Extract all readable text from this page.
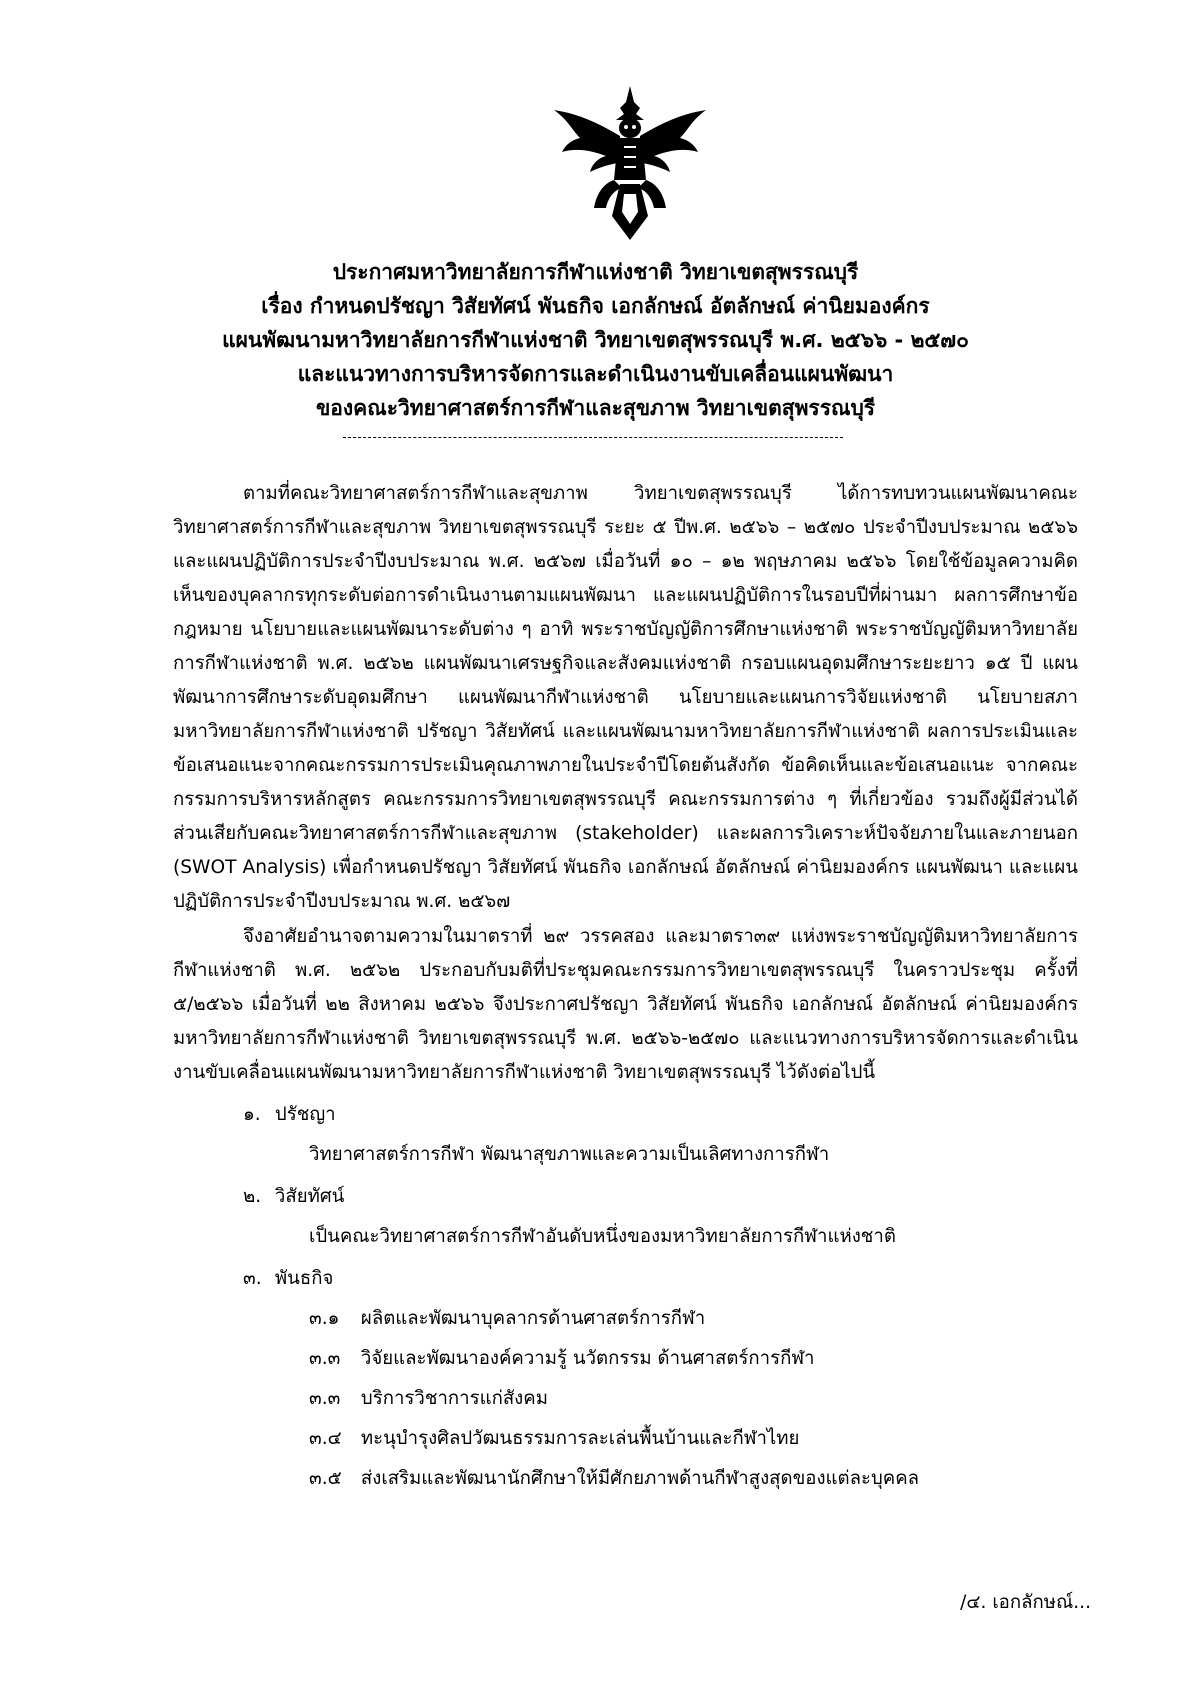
ประกาศมหาวิทยาลัยการกีฬาแห่งชาติ วิทยาเขตสุพรรณบุรี
เรื่อง กำหนดปรัชญา วิสัยทัศน์ พันธกิจ เอกลักษณ์ อัตลักษณ์ ค่านิยมองค์กร
แผนพัฒนามหาวิทยาลัยการกีฬาแห่งชาติ วิทยาเขตสุพรรณบุรี พ.ศ. ๒๕๖๖ - ๒๕๗๐
และแนวทางการบริหารจัดการและดำเนินงานขับเคลื่อนแผนพัฒนา
ของคณะวิทยาศาสตร์การกีฬาและสุขภาพ วิทยาเขตสุพรรณบุรี

ตามที่คณะวิทยาศาสตร์การกีฬาและสุขภาพ วิทยาเขตสุพรรณบุรี ได้การทบทวนแผนพัฒนาคณะวิทยาศาสตร์การกีฬาและสุขภาพ วิทยาเขตสุพรรณบุรี ระยะ ๕ ปีพ.ศ. ๒๕๖๖ – ๒๕๗๐ ประจำปีงบประมาณ ๒๕๖๖ และแผนปฏิบัติการประจำปีงบประมาณ พ.ศ. ๒๕๖๗ เมื่อวันที่ ๑๐ – ๑๒ พฤษภาคม ๒๕๖๖ โดยใช้ข้อมูลความคิดเห็นของบุคลากรทุกระดับต่อการดำเนินงานตามแผนพัฒนา และแผนปฏิบัติการในรอบปีที่ผ่านมา ผลการศึกษาข้อกฎหมาย นโยบายและแผนพัฒนาระดับต่าง ๆ อาทิ พระราชบัญญัติการศึกษาแห่งชาติ พระราชบัญญัติมหาวิทยาลัยการกีฬาแห่งชาติ พ.ศ. ๒๕๖๒ แผนพัฒนาเศรษฐกิจและสังคมแห่งชาติ กรอบแผนอุดมศึกษาระยะยาว ๑๕ ปี แผนพัฒนาการศึกษาระดับอุดมศึกษา แผนพัฒนากีฬาแห่งชาติ นโยบายและแผนการวิจัยแห่งชาติ นโยบายสภามหาวิทยาลัยการกีฬาแห่งชาติ ปรัชญา วิสัยทัศน์ และแผนพัฒนามหาวิทยาลัยการกีฬาแห่งชาติ ผลการประเมินและข้อเสนอแนะจากคณะกรรมการประเมินคุณภาพภายในประจำปีโดยต้นสังกัด ข้อคิดเห็นและข้อเสนอแนะ จากคณะกรรมการบริหารหลักสูตร คณะกรรมการวิทยาเขตสุพรรณบุรี คณะกรรมการต่าง ๆ ที่เกี่ยวข้อง รวมถึงผู้มีส่วนได้ส่วนเสียกับคณะวิทยาศาสตร์การกีฬาและสุขภาพ (stakeholder) และผลการวิเคราะห์ปัจจัยภายในและภายนอก (SWOT Analysis) เพื่อกำหนดปรัชญา วิสัยทัศน์ พันธกิจ เอกลักษณ์ อัตลักษณ์ ค่านิยมองค์กร แผนพัฒนา และแผนปฏิบัติการประจำปีงบประมาณ พ.ศ. ๒๕๖๗

จึงอาศัยอำนาจตามความในมาตราที่ ๒๙ วรรคสอง และมาตรา๓๙ แห่งพระราชบัญญัติมหาวิทยาลัยการกีฬาแห่งชาติ พ.ศ. ๒๕๖๒ ประกอบกับมติที่ประชุมคณะกรรมการวิทยาเขตสุพรรณบุรี ในคราวประชุม ครั้งที่ ๕/๒๕๖๖ เมื่อวันที่ ๒๒ สิงหาคม ๒๕๖๖ จึงประกาศปรัชญา วิสัยทัศน์ พันธกิจ เอกลักษณ์ อัตลักษณ์ ค่านิยมองค์กร มหาวิทยาลัยการกีฬาแห่งชาติ วิทยาเขตสุพรรณบุรี พ.ศ. ๒๕๖๖-๒๕๗๐ และแนวทางการบริหารจัดการและดำเนินงานขับเคลื่อนแผนพัฒนามหาวิทยาลัยการกีฬาแห่งชาติ วิทยาเขตสุพรรณบุรี ไว้ดังต่อไปนี้

๑. ปรัชญา
วิทยาศาสตร์การกีฬา พัฒนาสุขภาพและความเป็นเลิศทางการกีฬา
๒. วิสัยทัศน์
เป็นคณะวิทยาศาสตร์การกีฬาอันดับหนึ่งของมหาวิทยาลัยการกีฬาแห่งชาติ
๓. พันธกิจ
๓.๑ ผลิตและพัฒนาบุคลากรด้านศาสตร์การกีฬา
๓.๓ วิจัยและพัฒนาองค์ความรู้ นวัตกรรม ด้านศาสตร์การกีฬา
๓.๓ บริการวิชาการแก่สังคม
๓.๔ ทะนุบำรุงศิลปวัฒนธรรมการละเล่นพื้นบ้านและกีฬาไทย
๓.๕ ส่งเสริมและพัฒนานักศึกษาให้มีศักยภาพด้านกีฬาสูงสุดของแต่ละบุคคล
/๔. เอกลักษณ์...
